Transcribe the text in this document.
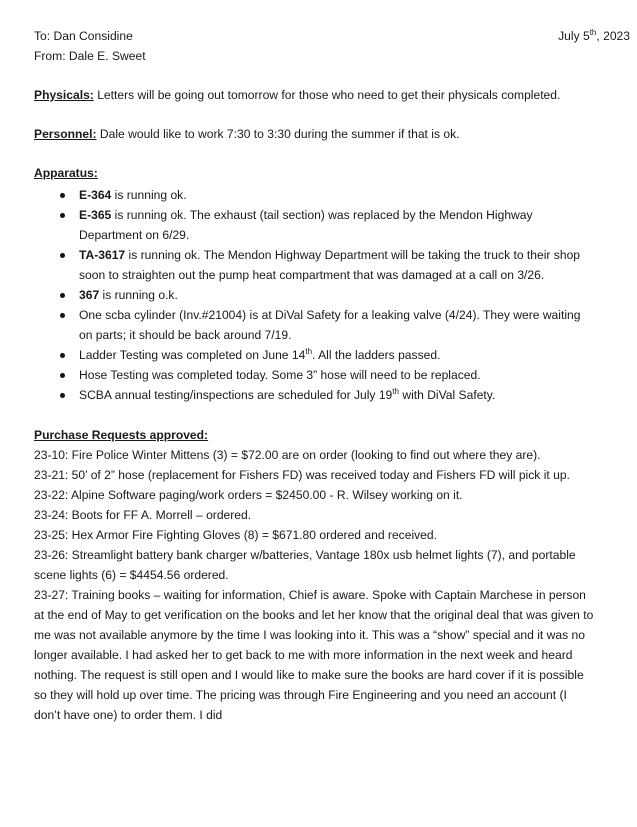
To: Dan Considine	July 5th, 2023
From: Dale E. Sweet

Physicals: Letters will be going out tomorrow for those who need to get their physicals completed.

Personnel: Dale would like to work 7:30 to 3:30 during the summer if that is ok.

Apparatus:

E-364 is running ok.
E-365 is running ok. The exhaust (tail section) was replaced by the Mendon Highway Department on 6/29.
TA-3617 is running ok. The Mendon Highway Department will be taking the truck to their shop soon to straighten out the pump heat compartment that was damaged at a call on 3/26.
367 is running o.k.
One scba cylinder (Inv.#21004) is at DiVal Safety for a leaking valve (4/24). They were waiting on parts; it should be back around 7/19.
Ladder Testing was completed on June 14th. All the ladders passed.
Hose Testing was completed today. Some 3” hose will need to be replaced.
SCBA annual testing/inspections are scheduled for July 19th with DiVal Safety.

Purchase Requests approved:

23-10: Fire Police Winter Mittens (3) = $72.00 are on order (looking to find out where they are).

23-21: 50’ of 2” hose (replacement for Fishers FD) was received today and Fishers FD will pick it up.

23-22: Alpine Software paging/work orders = $2450.00 - R. Wilsey working on it.

23-24: Boots for FF A. Morrell – ordered.

23-25: Hex Armor Fire Fighting Gloves (8) = $671.80 ordered and received.

23-26: Streamlight battery bank charger w/batteries, Vantage 180x usb helmet lights (7), and portable scene lights (6) = $4454.56 ordered.

23-27: Training books – waiting for information, Chief is aware. Spoke with Captain Marchese in person at the end of May to get verification on the books and let her know that the original deal that was given to me was not available anymore by the time I was looking into it. This was a “show” special and it was no longer available. I had asked her to get back to me with more information in the next week and heard nothing. The request is still open and I would like to make sure the books are hard cover if it is possible so they will hold up over time. The pricing was through Fire Engineering and you need an account (I don’t have one) to order them. I did
